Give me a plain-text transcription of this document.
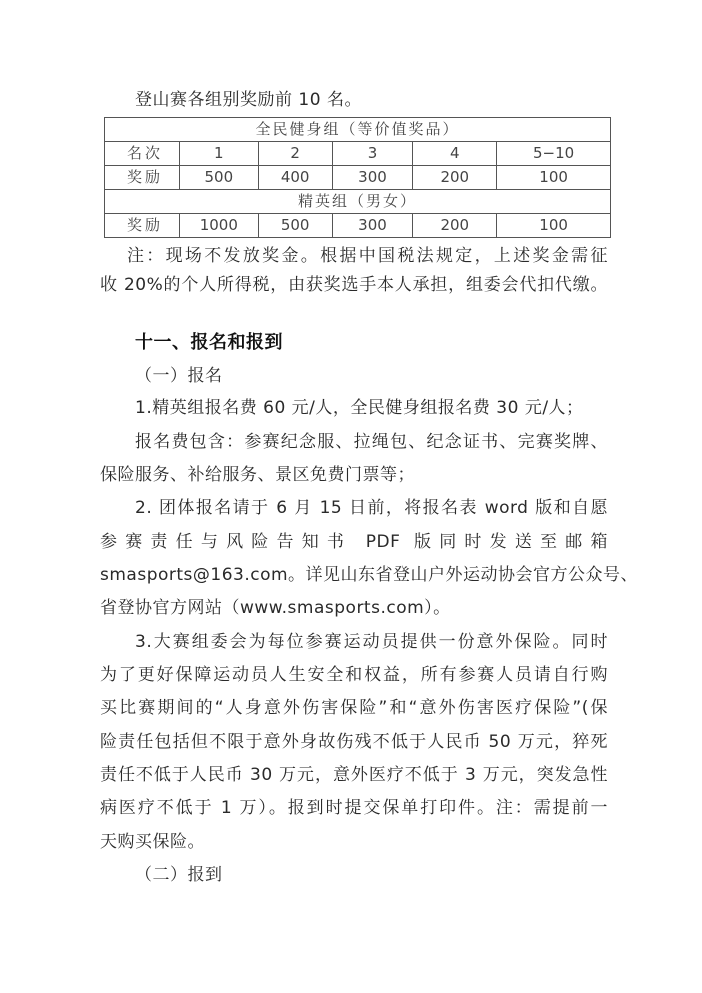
登山赛各组别奖励前 10 名。
全民健身组（等价值奖品）					
名次	1	2	3	4	5−10
奖励	500	400	300	200	100
精英组（男女）					
奖励	1000	500	300	200	100
注：现场不发放奖金。根据中国税法规定，上述奖金需征
收 20%的个人所得税，由获奖选手本人承担，组委会代扣代缴。
十一、报名和报到
（一）报名
1.精英组报名费 60 元/人，全民健身组报名费 30 元/人；
报名费包含：参赛纪念服、拉绳包、纪念证书、完赛奖牌、
保险服务、补给服务、景区免费门票等；
2. 团体报名请于 6 月 15 日前，将报名表 word 版和自愿
参赛责任与风险告知书 PDF 版同时发送至邮箱
smasports@163.com。详见山东省登山户外运动协会官方公众号、
省登协官方网站（www.smasports.com）。
3.大赛组委会为每位参赛运动员提供一份意外保险。同时
为了更好保障运动员人生安全和权益，所有参赛人员请自行购
买比赛期间的“人身意外伤害保险”和“意外伤害医疗保险”(保
险责任包括但不限于意外身故伤残不低于人民币 50 万元，猝死
责任不低于人民币 30 万元，意外医疗不低于 3 万元，突发急性
病医疗不低于 1 万）。报到时提交保单打印件。注：需提前一
天购买保险。
（二）报到
